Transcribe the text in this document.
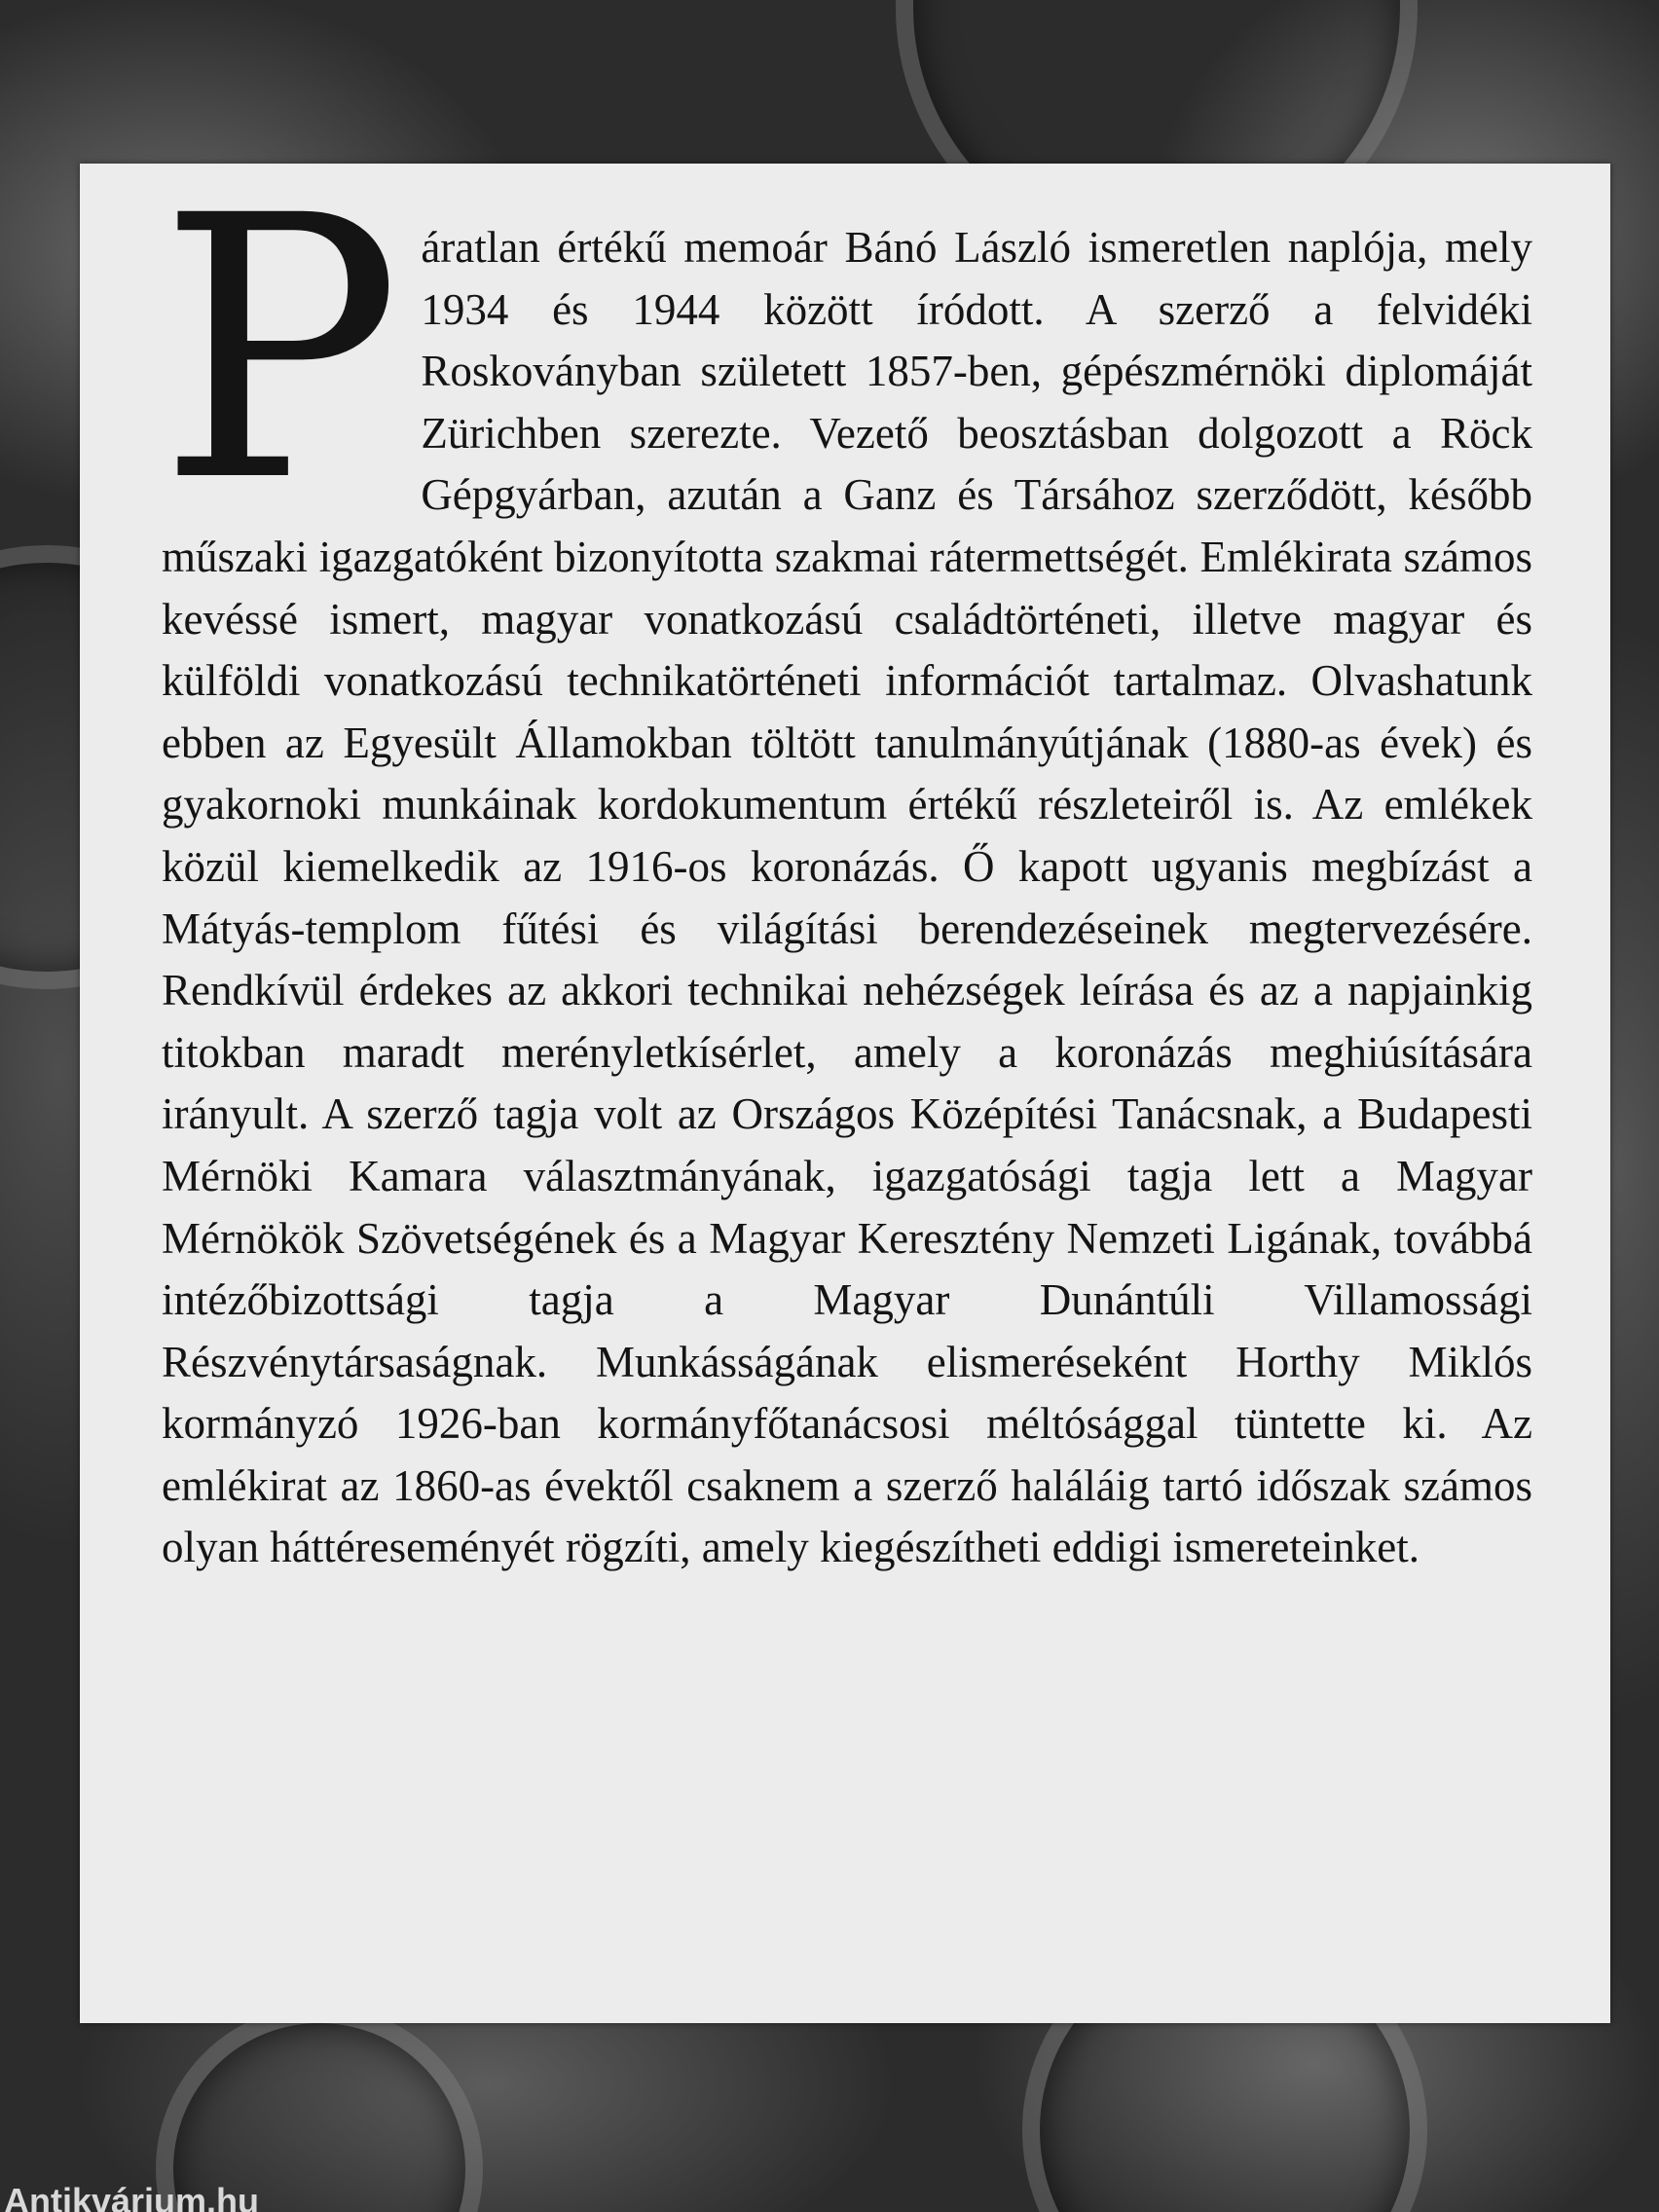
Páratlan értékű memoár Bánó László ismeretlen naplója, mely 1934 és 1944 között íródott. A szerző a felvidéki Roskoványban született 1857-ben, gépészmérnöki diplomáját Zürichben szerezte. Vezető beosztásban dolgozott a Röck Gépgyárban, azután a Ganz és Társához szerződött, később műszaki igazgatóként bizonyította szakmai rátermettségét. Emlékirata számos kevéssé ismert, magyar vonatkozású családtörténeti, illetve magyar és külföldi vonatkozású technikatörténeti információt tartalmaz. Olvashatunk ebben az Egyesült Államokban töltött tanulmányútjának (1880-as évek) és gyakornoki munkáinak kordokumentum értékű részleteiről is. Az emlékek közül kiemelkedik az 1916-os koronázás. Ő kapott ugyanis megbízást a Mátyás-templom fűtési és világítási berendezéseinek megtervezésére. Rendkívül érdekes az akkori technikai nehézségek leírása és az a napjainkig titokban maradt merényletkísérlet, amely a koronázás meghiúsítására irányult. A szerző tagja volt az Országos Középítési Tanácsnak, a Budapesti Mérnöki Kamara választmányának, igazgatósági tagja lett a Magyar Mérnökök Szövetségének és a Magyar Keresztény Nemzeti Ligának, továbbá intézőbizottsági tagja a Magyar Dunántúli Villamossági Részvénytársaságnak. Munkásságának elismeréseként Horthy Miklós kormányzó 1926-ban kormányfőtanácsosi méltósággal tüntette ki. Az emlékirat az 1860-as évektől csaknem a szerző haláláig tartó időszak számos olyan háttéreseményét rögzíti, amely kiegészítheti eddigi ismereteinket.

Antikvárium.hu
